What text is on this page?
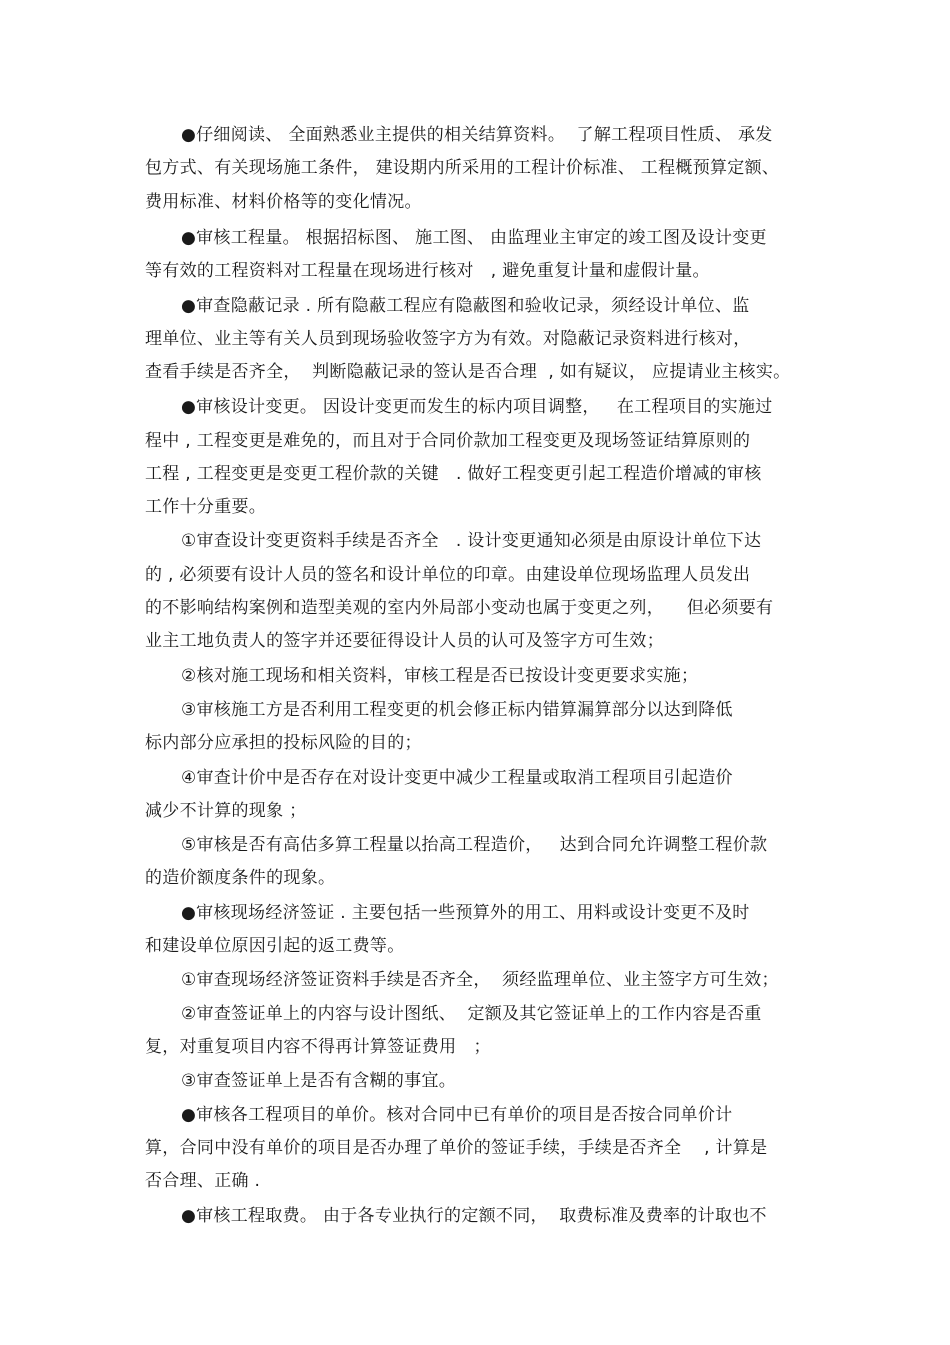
●仔细阅读、 全面熟悉业主提供的相关结算资料。  了解工程项目性质、 承发
包方式、有关现场施工条件， 建设期内所采用的工程计价标准、 工程概预算定额、
费用标准、材料价格等的变化情况。
●审核工程量。 根据招标图、 施工图、 由监理业主审定的竣工图及设计变更
等有效的工程资料对工程量在现场进行核对   , 避免重复计量和虚假计量。
●审查隐蔽记录 . 所有隐蔽工程应有隐蔽图和验收记录，须经设计单位、监
理单位、业主等有关人员到现场验收签字方为有效。对隐蔽记录资料进行核对，
查看手续是否齐全，  判断隐蔽记录的签认是否合理  , 如有疑议， 应提请业主核实。
●审核设计变更。 因设计变更而发生的标内项目调整，   在工程项目的实施过
程中 , 工程变更是难免的，而且对于合同价款加工程变更及现场签证结算原则的
工程 , 工程变更是变更工程价款的关键   . 做好工程变更引起工程造价增减的审核
工作十分重要。
①审查设计变更资料手续是否齐全   . 设计变更通知必须是由原设计单位下达
的 , 必须要有设计人员的签名和设计单位的印章。由建设单位现场监理人员发出
的不影响结构案例和造型美观的室内外局部小变动也属于变更之列，    但必须要有
业主工地负责人的签字并还要征得设计人员的认可及签字方可生效；
②核对施工现场和相关资料，审核工程是否已按设计变更要求实施；
③审核施工方是否利用工程变更的机会修正标内错算漏算部分以达到降低
标内部分应承担的投标风险的目的；
④审查计价中是否存在对设计变更中减少工程量或取消工程项目引起造价
减少不计算的现象 ；
⑤审核是否有高估多算工程量以抬高工程造价，   达到合同允许调整工程价款
的造价额度条件的现象。
●审核现场经济签证 . 主要包括一些预算外的用工、用料或设计变更不及时
和建设单位原因引起的返工费等。
①审查现场经济签证资料手续是否齐全，  须经监理单位、业主签字方可生效；
②审查签证单上的内容与设计图纸、  定额及其它签证单上的工作内容是否重
复，对重复项目内容不得再计算签证费用   ；
③审查签证单上是否有含糊的事宜。
●审核各工程项目的单价。核对合同中已有单价的项目是否按合同单价计
算，合同中没有单价的项目是否办理了单价的签证手续，手续是否齐全    , 计算是
否合理、正确 .
●审核工程取费。 由于各专业执行的定额不同，  取费标准及费率的计取也不
